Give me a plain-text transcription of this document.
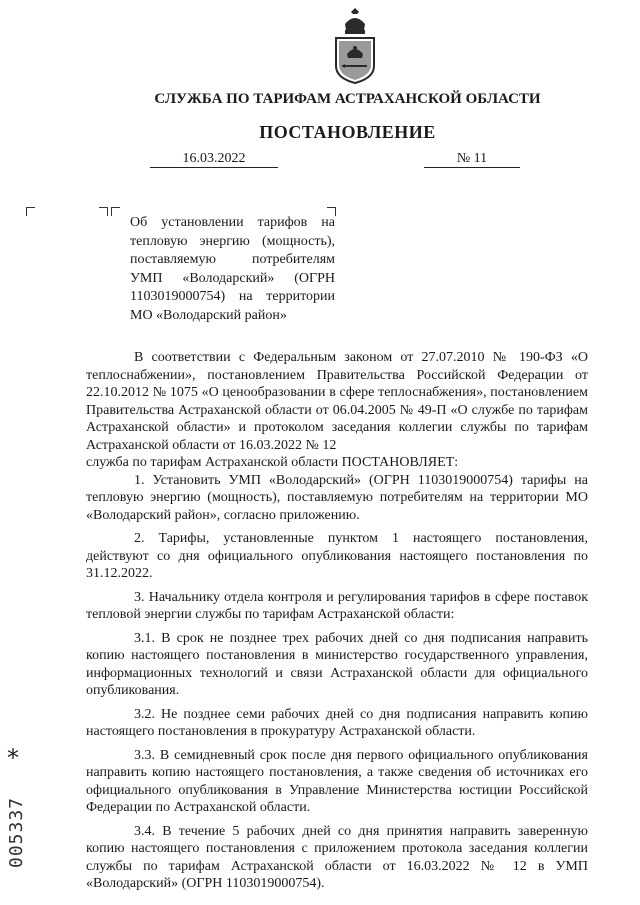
СЛУЖБА ПО ТАРИФАМ АСТРАХАНСКОЙ ОБЛАСТИ
ПОСТАНОВЛЕНИЕ
16.03.2022	№ 11

Об установлении тарифов на тепловую энергию (мощность), поставляемую потребителям УМП «Володарский» (ОГРН 1103019000754) на территории МО «Володарский район»

В соответствии с Федеральным законом от 27.07.2010 № 190-ФЗ «О теплоснабжении», постановлением Правительства Российской Федерации от 22.10.2012 № 1075 «О ценообразовании в сфере теплоснабжения», постановлением Правительства Астраханской области от 06.04.2005 № 49-П «О службе по тарифам Астраханской области» и протоколом заседания коллегии службы по тарифам Астраханской области от 16.03.2022 № 12

служба по тарифам Астраханской области ПОСТАНОВЛЯЕТ:

1. Установить УМП «Володарский» (ОГРН 1103019000754) тарифы на тепловую энергию (мощность), поставляемую потребителям на территории МО «Володарский район», согласно приложению.

2. Тарифы, установленные пунктом 1 настоящего постановления, действуют со дня официального опубликования настоящего постановления по 31.12.2022.

3. Начальнику отдела контроля и регулирования тарифов в сфере поставок тепловой энергии службы по тарифам Астраханской области:

3.1. В срок не позднее трех рабочих дней со дня подписания направить копию настоящего постановления в министерство государственного управления, информационных технологий и связи Астраханской области для официального опубликования.

3.2. Не позднее семи рабочих дней со дня подписания направить копию настоящего постановления в прокуратуру Астраханской области.

3.3. В семидневный срок после дня первого официального опубликования направить копию настоящего постановления, а также сведения об источниках его официального опубликования в Управление Министерства юстиции Российской Федерации по Астраханской области.

3.4. В течение 5 рабочих дней со дня принятия направить заверенную копию настоящего постановления с приложением протокола заседания коллегии службы по тарифам Астраханской области от 16.03.2022 № 12 в УМП «Володарский» (ОГРН 1103019000754).

*
005337
